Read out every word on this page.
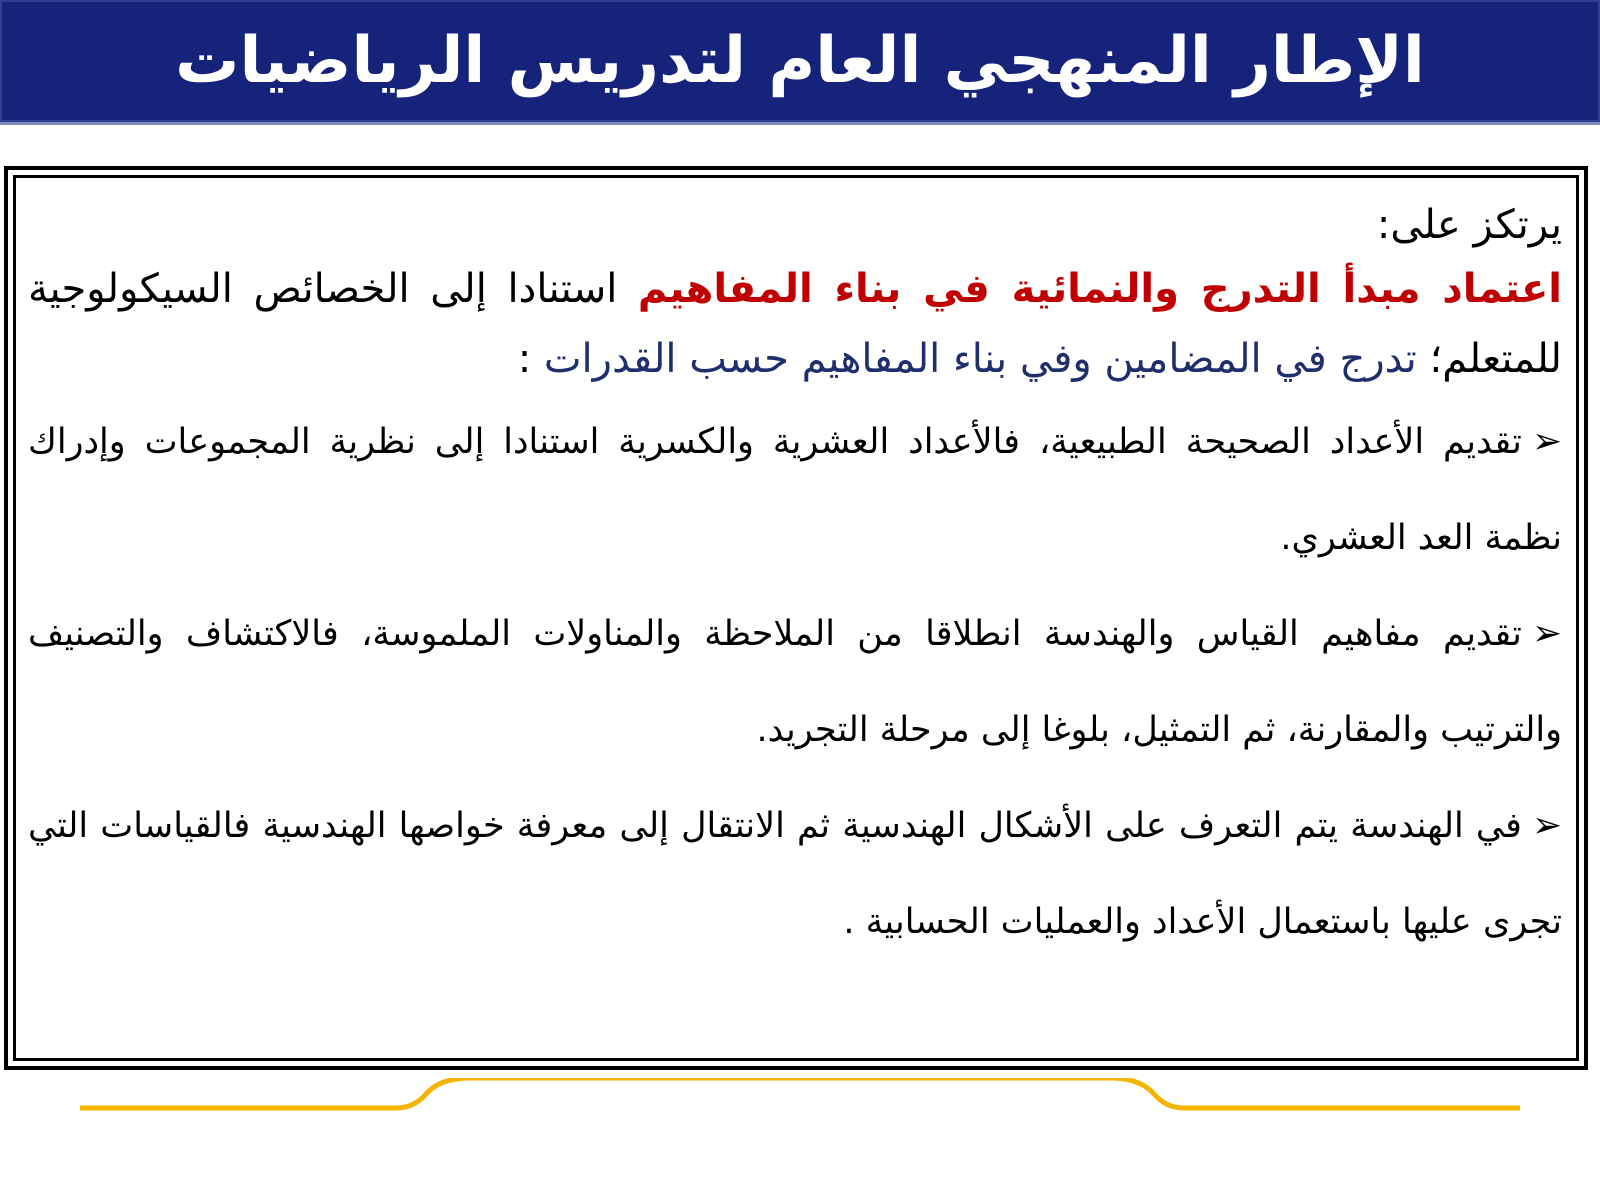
الإطار المنهجي العام لتدريس الرياضيات

يرتكز على:

اعتماد مبدأ التدرج والنمائية في بناء المفاهيم استنادا إلى الخصائص السيكولوجية للمتعلم؛ تدرج في المضامين وفي بناء المفاهيم حسب القدرات :

➢تقديم الأعداد الصحيحة الطبيعية، فالأعداد العشرية والكسرية استنادا إلى نظرية المجموعات وإدراك نظمة العد العشري.

➢تقديم مفاهيم القياس والهندسة انطلاقا من الملاحظة والمناولات الملموسة، فالاكتشاف والتصنيف والترتيب والمقارنة، ثم التمثيل، بلوغا إلى مرحلة التجريد.

➢في الهندسة يتم التعرف على الأشكال الهندسية ثم الانتقال إلى معرفة خواصها الهندسية فالقياسات التي تجرى عليها باستعمال الأعداد والعمليات الحسابية .
